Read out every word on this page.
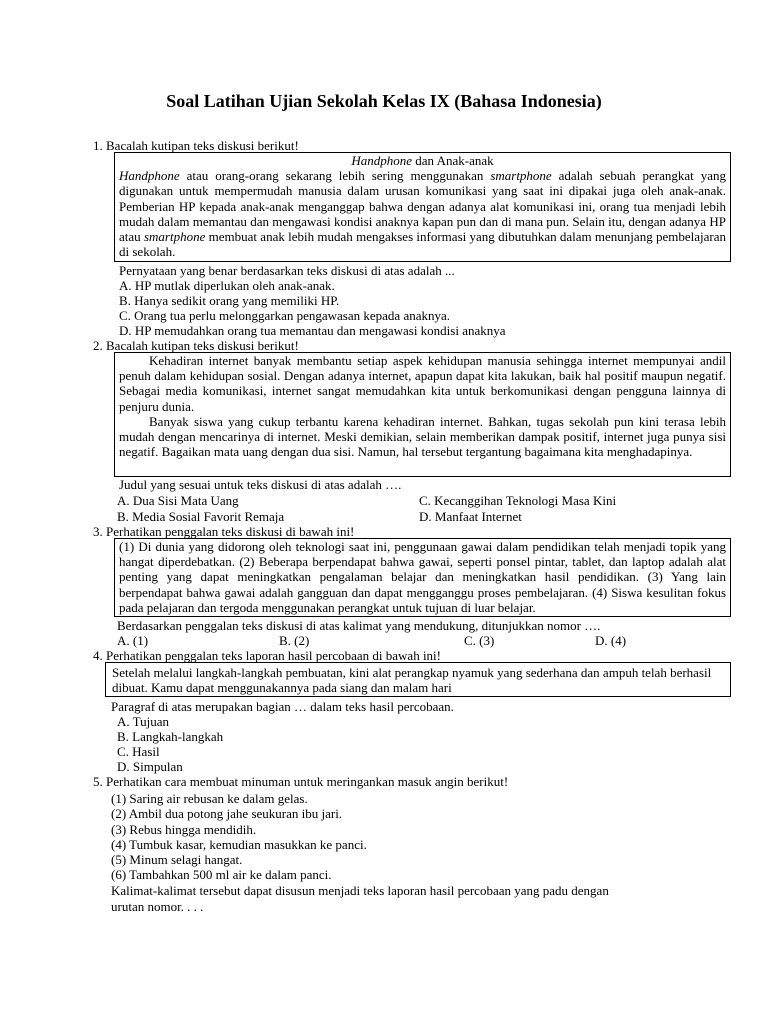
Soal Latihan Ujian Sekolah Kelas IX (Bahasa Indonesia)
1. Bacalah kutipan teks diskusi berikut!

Handphone dan Anak-anak

Handphone atau orang-orang sekarang lebih sering menggunakan smartphone adalah sebuah perangkat yang digunakan untuk mempermudah manusia dalam urusan komunikasi yang saat ini dipakai juga oleh anak-anak. Pemberian HP kepada anak-anak menganggap bahwa dengan adanya alat komunikasi ini, orang tua menjadi lebih mudah dalam memantau dan mengawasi kondisi anaknya kapan pun dan di mana pun. Selain itu, dengan adanya HP atau smartphone membuat anak lebih mudah mengakses informasi yang dibutuhkan dalam menunjang pembelajaran di sekolah.

Pernyataan yang benar berdasarkan teks diskusi di atas adalah ...
A. HP mutlak diperlukan oleh anak-anak.
B. Hanya sedikit orang yang memiliki HP.
C. Orang tua perlu melonggarkan pengawasan kepada anaknya.
D. HP memudahkan orang tua memantau dan mengawasi kondisi anaknya
2. Bacalah kutipan teks diskusi berikut!

Kehadiran internet banyak membantu setiap aspek kehidupan manusia sehingga internet mempunyai andil penuh dalam kehidupan sosial. Dengan adanya internet, apapun dapat kita lakukan, baik hal positif maupun negatif. Sebagai media komunikasi, internet sangat memudahkan kita untuk berkomunikasi dengan pengguna lainnya di penjuru dunia.

Banyak siswa yang cukup terbantu karena kehadiran internet. Bahkan, tugas sekolah pun kini terasa lebih mudah dengan mencarinya di internet. Meski demikian, selain memberikan dampak positif, internet juga punya sisi negatif. Bagaikan mata uang dengan dua sisi. Namun, hal tersebut tergantung bagaimana kita menghadapinya.

Judul yang sesuai untuk teks diskusi di atas adalah ….
A. Dua Sisi Mata Uang	C. Kecanggihan Teknologi Masa Kini
B. Media Sosial Favorit Remaja	D. Manfaat Internet
3. Perhatikan penggalan teks diskusi di bawah ini!

(1) Di dunia yang didorong oleh teknologi saat ini, penggunaan gawai dalam pendidikan telah menjadi topik yang hangat diperdebatkan. (2) Beberapa berpendapat bahwa gawai, seperti ponsel pintar, tablet, dan laptop adalah alat penting yang dapat meningkatkan pengalaman belajar dan meningkatkan hasil pendidikan. (3) Yang lain berpendapat bahwa gawai adalah gangguan dan dapat mengganggu proses pembelajaran. (4) Siswa kesulitan fokus pada pelajaran dan tergoda menggunakan perangkat untuk tujuan di luar belajar.

Berdasarkan penggalan teks diskusi di atas kalimat yang mendukung, ditunjukkan nomor ….
A. (1)	B. (2)	C. (3)	D. (4)
4. Perhatikan penggalan teks laporan hasil percobaan di bawah ini!

Setelah melalui langkah-langkah pembuatan, kini alat perangkap nyamuk yang sederhana dan ampuh telah berhasil dibuat. Kamu dapat menggunakannya pada siang dan malam hari

Paragraf di atas merupakan bagian … dalam teks hasil percobaan.
A. Tujuan
B. Langkah-langkah
C. Hasil
D. Simpulan
5. Perhatikan cara membuat minuman untuk meringankan masuk angin berikut!
(1) Saring air rebusan ke dalam gelas.
(2) Ambil dua potong jahe seukuran ibu jari.
(3) Rebus hingga mendidih.
(4) Tumbuk kasar, kemudian masukkan ke panci.
(5) Minum selagi hangat.
(6) Tambahkan 500 ml air ke dalam panci.
Kalimat-kalimat tersebut dapat disusun menjadi teks laporan hasil percobaan yang padu dengan
urutan nomor. . . .
